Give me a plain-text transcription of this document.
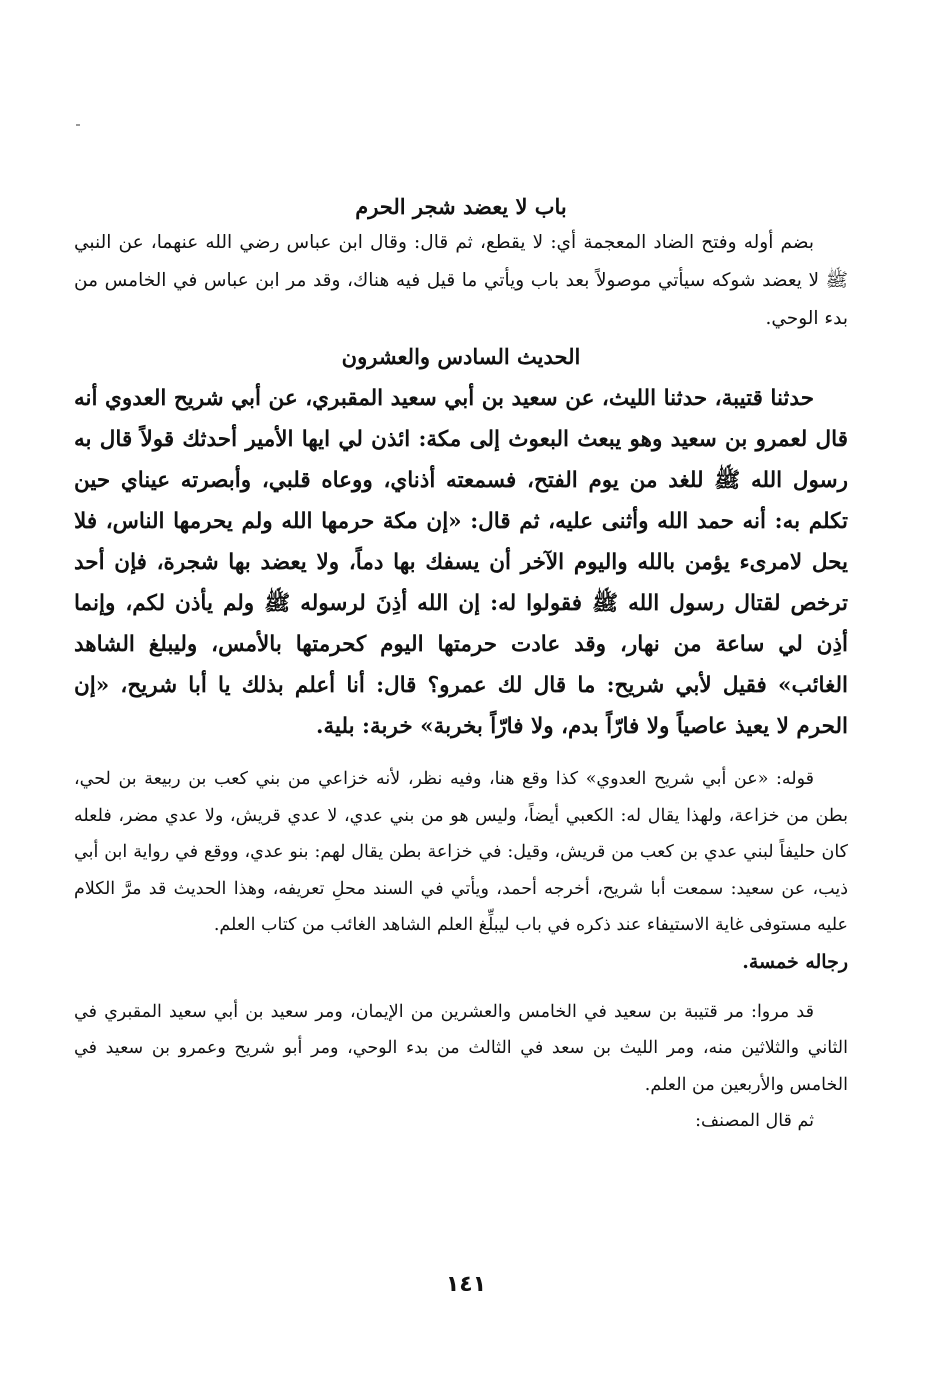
باب لا يعضد شجر الحرم

بضم أوله وفتح الضاد المعجمة أي: لا يقطع، ثم قال: وقال ابن عباس رضي الله عنهما، عن النبي ﷺ لا يعضد شوكه سيأتي موصولاً بعد باب ويأتي ما قيل فيه هناك، وقد مر ابن عباس في الخامس من بدء الوحي.

الحديث السادس والعشرون

حدثنا قتيبة، حدثنا الليث، عن سعيد بن أبي سعيد المقبري، عن أبي شريح العدوي أنه قال لعمرو بن سعيد وهو يبعث البعوث إلى مكة: ائذن لي ايها الأمير أحدثك قولاً قال به رسول الله ﷺ للغد من يوم الفتح، فسمعته أذناي، ووعاه قلبي، وأبصرته عيناي حين تكلم به: أنه حمد الله وأثنى عليه، ثم قال: «إن مكة حرمها الله ولم يحرمها الناس، فلا يحل لامرىء يؤمن بالله واليوم الآخر أن يسفك بها دماً، ولا يعضد بها شجرة، فإن أحد ترخص لقتال رسول الله ﷺ فقولوا له: إن الله أذِنَ لرسوله ﷺ ولم يأذن لكم، وإنما أذِن لي ساعة من نهار، وقد عادت حرمتها اليوم كحرمتها بالأمس، وليبلغ الشاهد الغائب» فقيل لأبي شريح: ما قال لك عمرو؟ قال: أنا أعلم بذلك يا أبا شريح، «إن الحرم لا يعيذ عاصياً ولا فارّاً بدم، ولا فارّاً بخربة» خربة: بلية.

قوله: «عن أبي شريح العدوي» كذا وقع هنا، وفيه نظر، لأنه خزاعي من بني كعب بن ربيعة بن لحي، بطن من خزاعة، ولهذا يقال له: الكعبي أيضاً، وليس هو من بني عدي، لا عدي قريش، ولا عدي مضر، فلعله كان حليفاً لبني عدي بن كعب من قريش، وقيل: في خزاعة بطن يقال لهم: بنو عدي، ووقع في رواية ابن أبي ذيب، عن سعيد: سمعت أبا شريح، أخرجه أحمد، ويأتي في السند محلِ تعريفه، وهذا الحديث قد مرَّ الكلام عليه مستوفى غاية الاستيفاء عند ذكره في باب ليبلِّغ العلم الشاهد الغائب من كتاب العلم.

رجاله خمسة.

قد مروا: مر قتيبة بن سعيد في الخامس والعشرين من الإيمان، ومر سعيد بن أبي سعيد المقبري في الثاني والثلاثين منه، ومر الليث بن سعد في الثالث من بدء الوحي، ومر أبو شريح وعمرو بن سعيد في الخامس والأربعين من العلم.

ثم قال المصنف:

١٤١
